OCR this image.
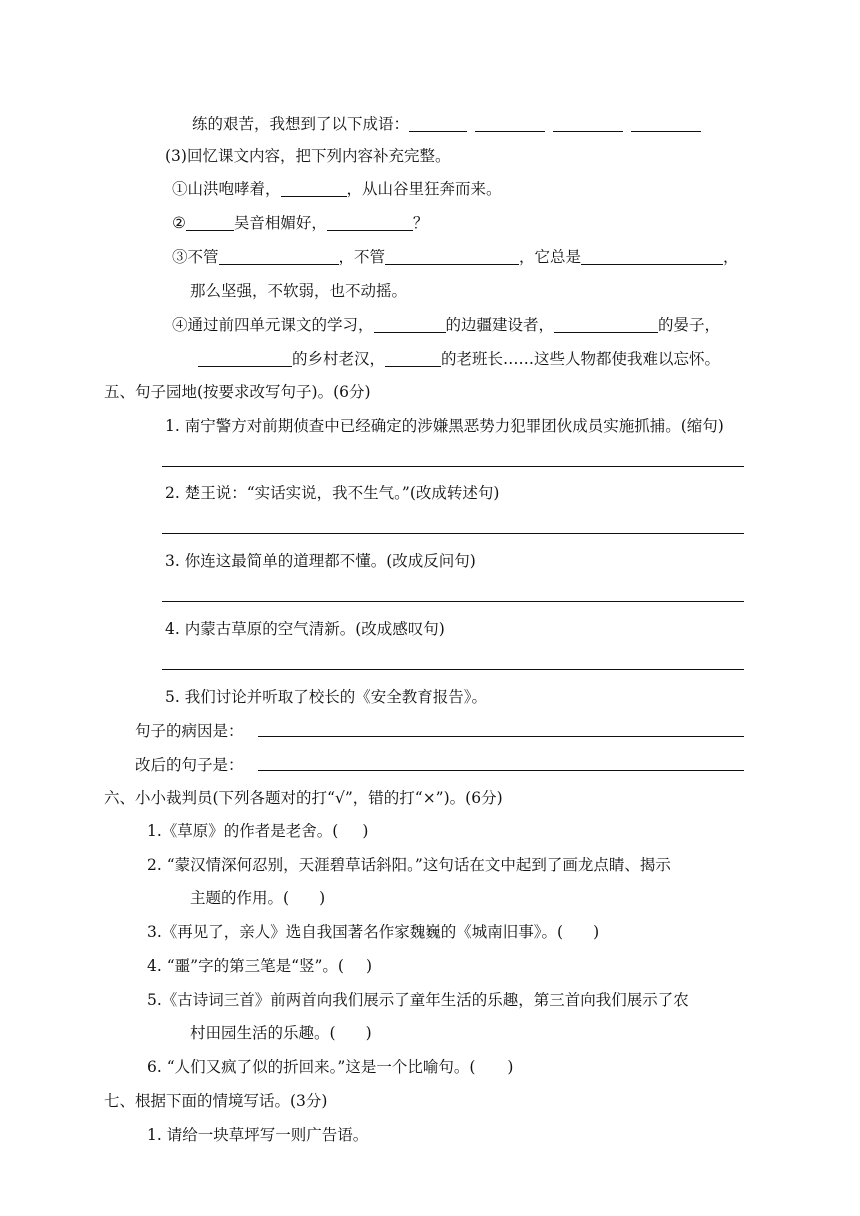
练的艰苦，我想到了以下成语：
(3)回忆课文内容，把下列内容补充完整。
①山洪咆哮着，	，从山谷里狂奔而来。
②	吴音相媚好，	？
③不管	，不管	，它总是	，
那么坚强，不软弱，也不动摇。
④通过前四单元课文的学习，	的边疆建设者，	的晏子，
的乡村老汉，	的老班长……这些人物都使我难以忘怀。
五、句子园地(按要求改写句子)。(6分)
1. 南宁警方对前期侦查中已经确定的涉嫌黑恶势力犯罪团伙成员实施抓捕。(缩句)
2. 楚王说：“实话实说，我不生气。”(改成转述句)
3. 你连这最简单的道理都不懂。(改成反问句)
4. 内蒙古草原的空气清新。(改成感叹句)
5. 我们讨论并听取了校长的《安全教育报告》。
句子的病因是：
改后的句子是：
六、小小裁判员(下列各题对的打“√”，错的打“×”)。(6分)
1.《草原》的作者是老舍。( )
2. “蒙汉情深何忍别，天涯碧草话斜阳。”这句话在文中起到了画龙点睛、揭示
主题的作用。( )
3.《再见了，亲人》选自我国著名作家魏巍的《城南旧事》。( )
4. “噩”字的第三笔是“竖”。( )
5.《古诗词三首》前两首向我们展示了童年生活的乐趣，第三首向我们展示了农
村田园生活的乐趣。( )
6. “人们又疯了似的折回来。”这是一个比喻句。( )
七、根据下面的情境写话。(3分)
1. 请给一块草坪写一则广告语。
